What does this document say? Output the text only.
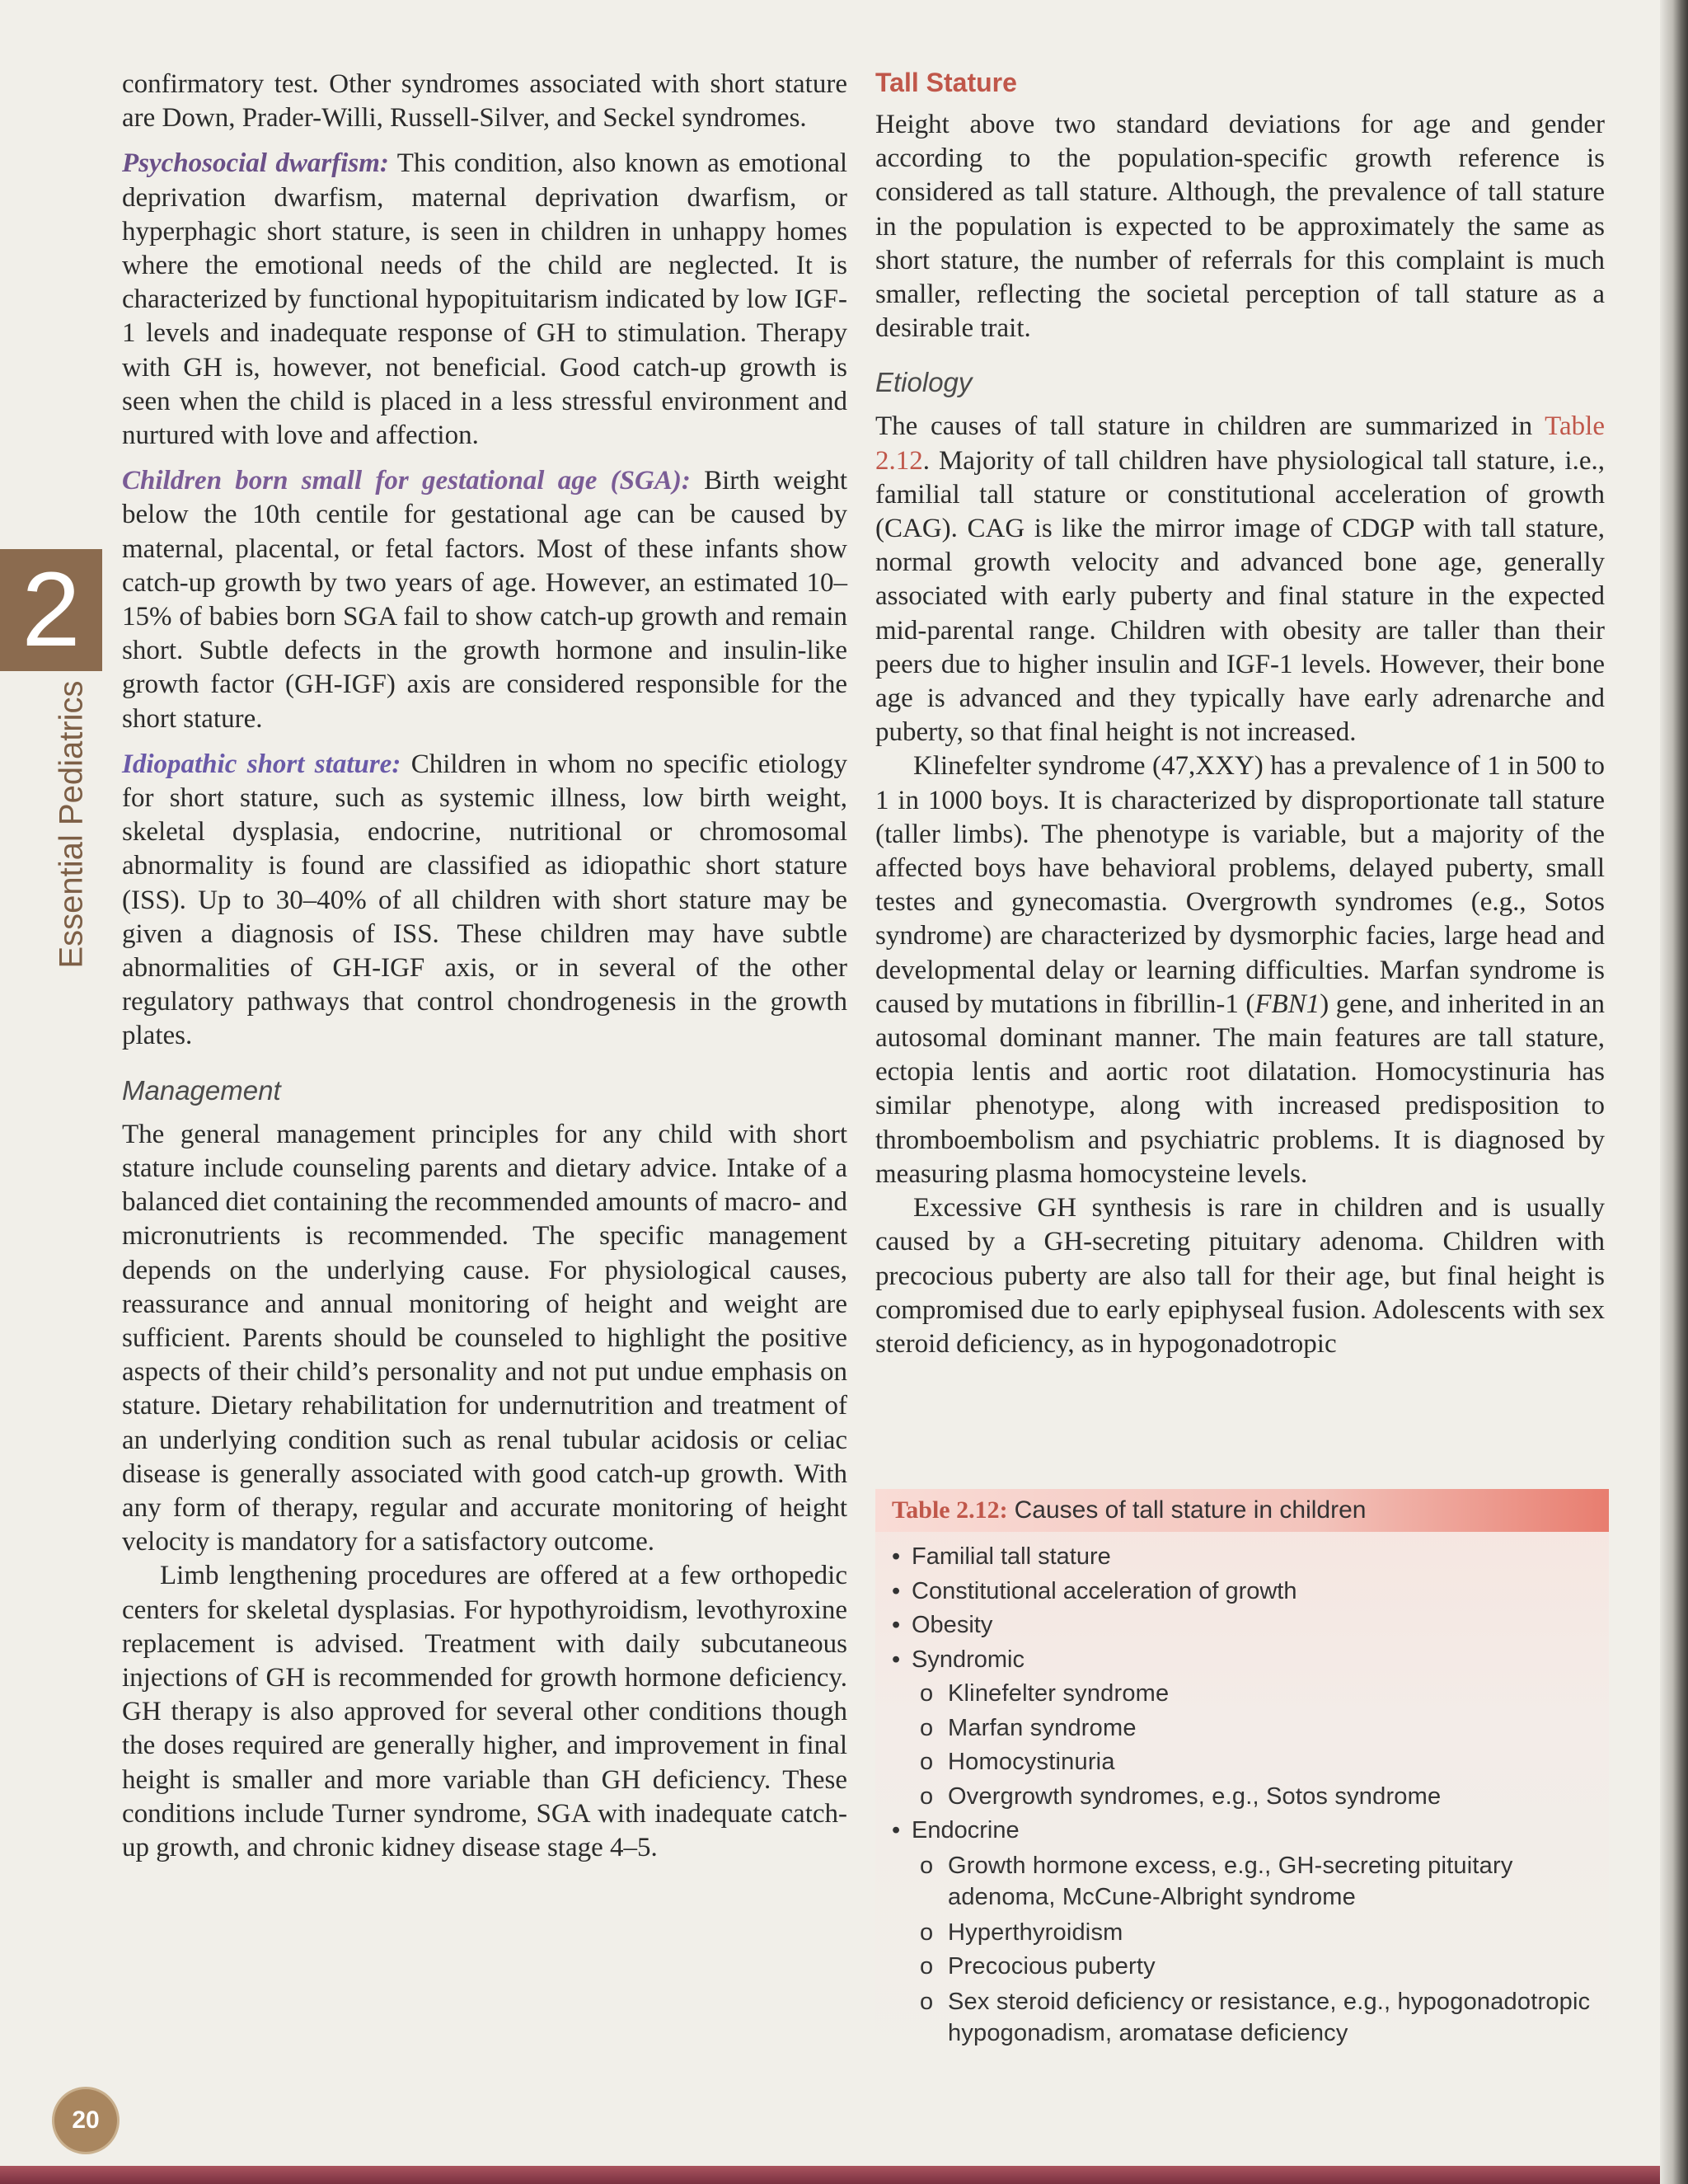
2
Essential Pediatrics
20

confirmatory test. Other syndromes associated with short stature are Down, Prader-Willi, Russell-Silver, and Seckel syndromes.

Psychosocial dwarfism: This condition, also known as emotional deprivation dwarfism, maternal deprivation dwarfism, or hyperphagic short stature, is seen in children in unhappy homes where the emotional needs of the child are neglected. It is characterized by functional hypopituitarism indicated by low IGF-1 levels and inadequate response of GH to stimulation. Therapy with GH is, however, not beneficial. Good catch-up growth is seen when the child is placed in a less stressful environment and nurtured with love and affection.

Children born small for gestational age (SGA): Birth weight below the 10th centile for gestational age can be caused by maternal, placental, or fetal factors. Most of these infants show catch-up growth by two years of age. However, an estimated 10–15% of babies born SGA fail to show catch-up growth and remain short. Subtle defects in the growth hormone and insulin-like growth factor (GH-IGF) axis are considered responsible for the short stature.

Idiopathic short stature: Children in whom no specific etiology for short stature, such as systemic illness, low birth weight, skeletal dysplasia, endocrine, nutritional or chromosomal abnormality is found are classified as idiopathic short stature (ISS). Up to 30–40% of all children with short stature may be given a diagnosis of ISS. These children may have subtle abnormalities of GH-IGF axis, or in several of the other regulatory pathways that control chondrogenesis in the growth plates.

Management

The general management principles for any child with short stature include counseling parents and dietary advice. Intake of a balanced diet containing the recommended amounts of macro- and micronutrients is recommended. The specific management depends on the underlying cause. For physiological causes, reassurance and annual monitoring of height and weight are sufficient. Parents should be counseled to highlight the positive aspects of their child’s personality and not put undue emphasis on stature. Dietary rehabilitation for undernutrition and treatment of an underlying condition such as renal tubular acidosis or celiac disease is generally associated with good catch-up growth. With any form of therapy, regular and accurate monitoring of height velocity is mandatory for a satisfactory outcome.

Limb lengthening procedures are offered at a few orthopedic centers for skeletal dysplasias. For hypothyroidism, levothyroxine replacement is advised. Treatment with daily subcutaneous injections of GH is recommended for growth hormone deficiency. GH therapy is also approved for several other conditions though the doses required are generally higher, and improvement in final height is smaller and more variable than GH deficiency. These conditions include Turner syndrome, SGA with inadequate catch-up growth, and chronic kidney disease stage 4–5.

Tall Stature

Height above two standard deviations for age and gender according to the population-specific growth reference is considered as tall stature. Although, the prevalence of tall stature in the population is expected to be approximately the same as short stature, the number of referrals for this complaint is much smaller, reflecting the societal perception of tall stature as a desirable trait.

Etiology

The causes of tall stature in children are summarized in Table 2.12. Majority of tall children have physiological tall stature, i.e., familial tall stature or constitutional acceleration of growth (CAG). CAG is like the mirror image of CDGP with tall stature, normal growth velocity and advanced bone age, generally associated with early puberty and final stature in the expected mid-parental range. Children with obesity are taller than their peers due to higher insulin and IGF-1 levels. However, their bone age is advanced and they typically have early adrenarche and puberty, so that final height is not increased.

Klinefelter syndrome (47,XXY) has a prevalence of 1 in 500 to 1 in 1000 boys. It is characterized by disproportionate tall stature (taller limbs). The phenotype is variable, but a majority of the affected boys have behavioral problems, delayed puberty, small testes and gynecomastia. Overgrowth syndromes (e.g., Sotos syndrome) are characterized by dysmorphic facies, large head and developmental delay or learning difficulties. Marfan syndrome is caused by mutations in fibrillin-1 (FBN1) gene, and inherited in an autosomal dominant manner. The main features are tall stature, ectopia lentis and aortic root dilatation. Homocystinuria has similar phenotype, along with increased predisposition to thromboembolism and psychiatric problems. It is diagnosed by measuring plasma homocysteine levels.

Excessive GH synthesis is rare in children and is usually caused by a GH-secreting pituitary adenoma. Children with precocious puberty are also tall for their age, but final height is compromised due to early epiphyseal fusion. Adolescents with sex steroid deficiency, as in hypogonadotropic

Table 2.12: Causes of tall stature in children
• Familial tall stature
• Constitutional acceleration of growth
• Obesity
• Syndromic
o Klinefelter syndrome
o Marfan syndrome
o Homocystinuria
o Overgrowth syndromes, e.g., Sotos syndrome
• Endocrine
o Growth hormone excess, e.g., GH-secreting pituitary adenoma, McCune-Albright syndrome
o Hyperthyroidism
o Precocious puberty
o Sex steroid deficiency or resistance, e.g., hypogonadotropic hypogonadism, aromatase deficiency
